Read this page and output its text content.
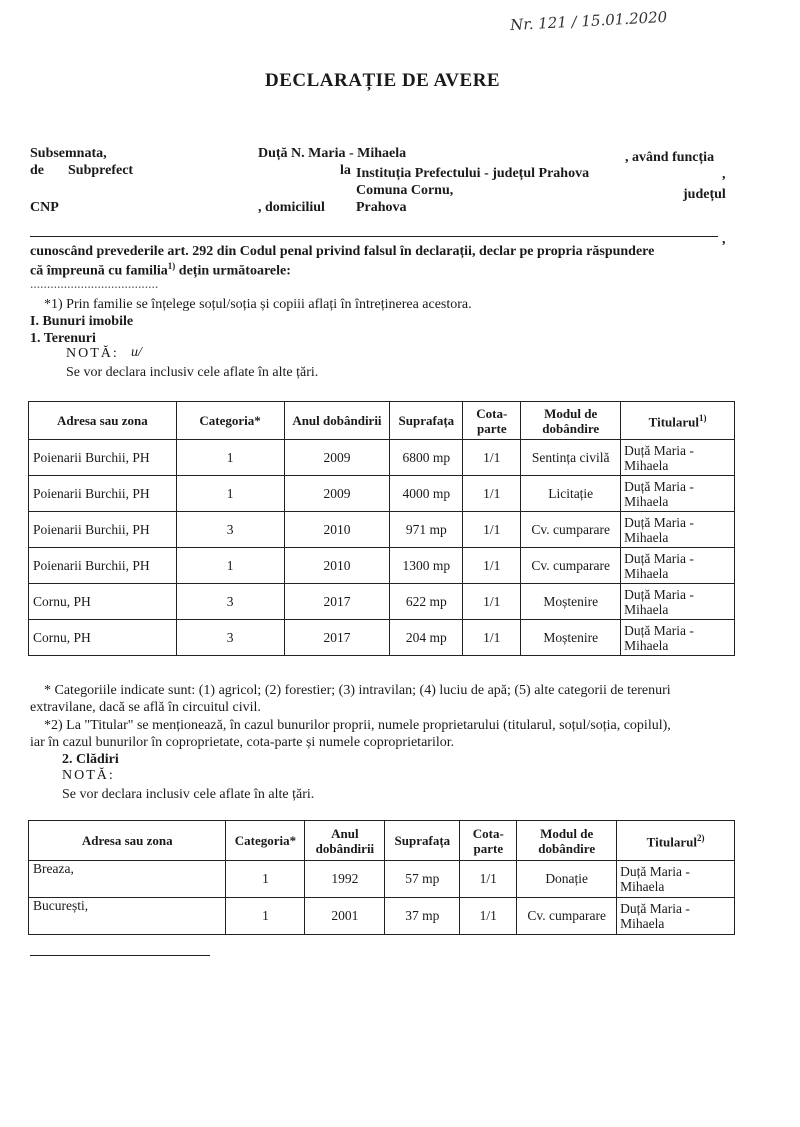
Nr. 121 / 15.01.2020
DECLARAȚIE DE AVERE
Subsemnata,	Duță N. Maria - Mihaela	, având funcția
de Subprefect	la Instituția Prefectului - județul Prahova	,
Comuna Cornu,	județul
CNP	, domiciliul Prahova
,
cunoscând prevederile art. 292 din Codul penal privind falsul în declarații, declar pe propria răspundere
că împreună cu familia$^{1)}$ dețin următoarele:
......................................
*1) Prin familie se înțelege soțul/soția și copiii aflați în întreținerea acestora.
I. Bunuri imobile
1. Terenuri
NOTĂ: u/
Se vor declara inclusiv cele aflate în alte țări.
Adresa sau zona	Categoria*	Anul dobândirii	Suprafața	Cota-parte	Modul de dobândire	Titularul$^{1)}$
Poienarii Burchii, PH	1	2009	6800 mp	1/1	Sentința civilă	Duță Maria - Mihaela
Poienarii Burchii, PH	1	2009	4000 mp	1/1	Licitație	Duță Maria - Mihaela
Poienarii Burchii, PH	3	2010	971 mp	1/1	Cv. cumparare	Duță Maria - Mihaela
Poienarii Burchii, PH	1	2010	1300 mp	1/1	Cv. cumparare	Duță Maria - Mihaela
Cornu, PH	3	2017	622 mp	1/1	Moștenire	Duță Maria - Mihaela
Cornu, PH	3	2017	204 mp	1/1	Moștenire	Duță Maria - Mihaela
* Categoriile indicate sunt: (1) agricol; (2) forestier; (3) intravilan; (4) luciu de apă; (5) alte categorii de terenuri
extravilane, dacă se află în circuitul civil.
*2) La "Titular" se menționează, în cazul bunurilor proprii, numele proprietarului (titularul, soțul/soția, copilul),
iar în cazul bunurilor în coproprietate, cota-parte și numele coproprietarilor.
2. Clădiri
NOTĂ:
Se vor declara inclusiv cele aflate în alte țări.
Adresa sau zona	Categoria*	Anul dobândirii	Suprafața	Cota-parte	Modul de dobândire	Titularul$^{2)}$
Breaza,	1	1992	57 mp	1/1	Donație	Duță Maria - Mihaela
București,	1	2001	37 mp	1/1	Cv. cumparare	Duță Maria - Mihaela
